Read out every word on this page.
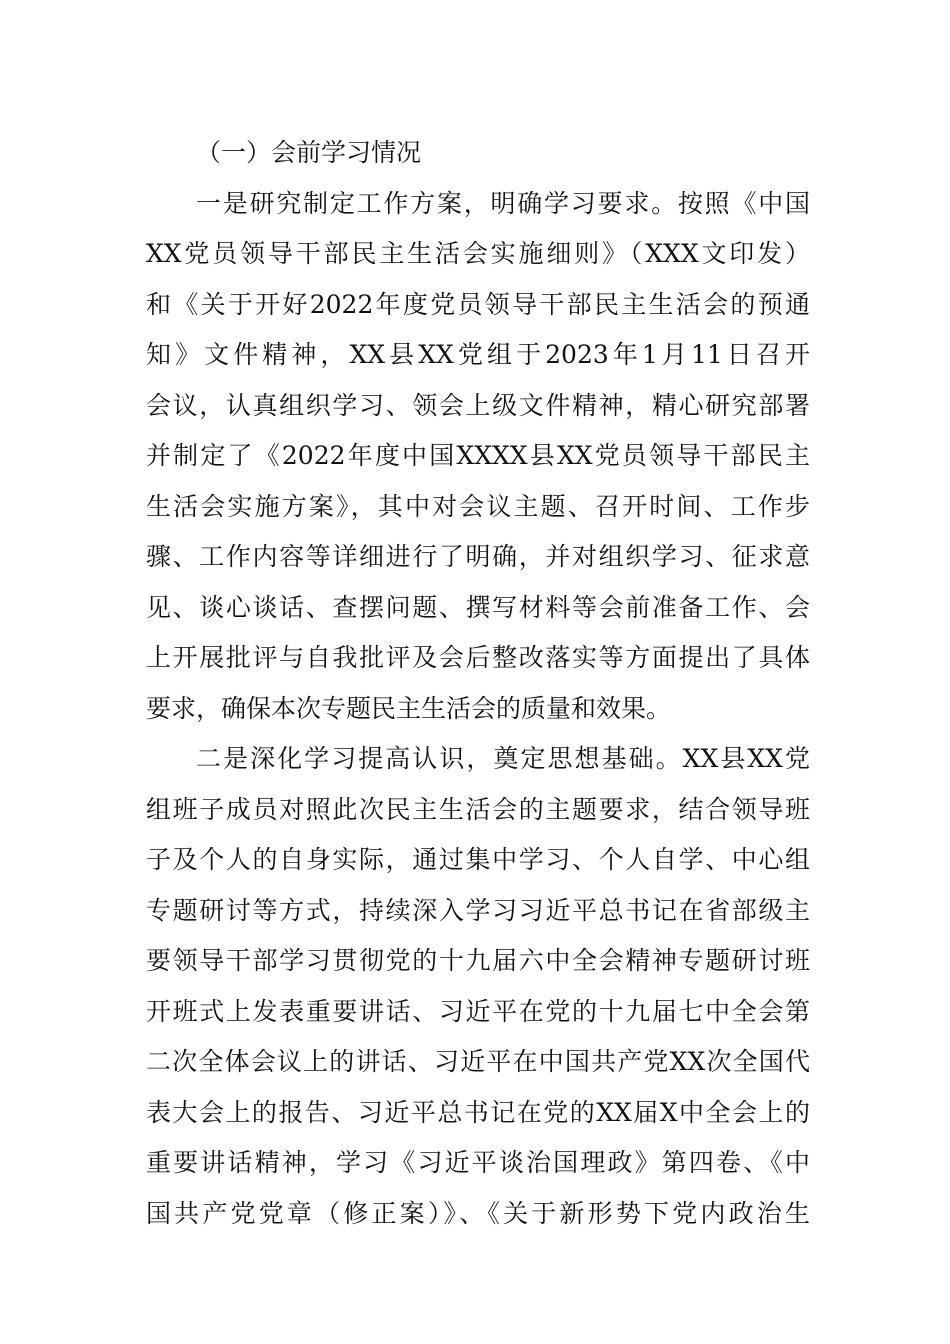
（一）会前学习情况
一是研究制定工作方案，明确学习要求。按照《中国
XX党员领导干部民主生活会实施细则》（XXX文印发）
和《关于开好2022年度党员领导干部民主生活会的预通
知》文件精神，XX县XX党组于2023年1月11日召开
会议，认真组织学习、领会上级文件精神，精心研究部署
并制定了《2022年度中国XXXX县XX党员领导干部民主
生活会实施方案》，其中对会议主题、召开时间、工作步
骤、工作内容等详细进行了明确，并对组织学习、征求意
见、谈心谈话、查摆问题、撰写材料等会前准备工作、会
上开展批评与自我批评及会后整改落实等方面提出了具体
要求，确保本次专题民主生活会的质量和效果。
二是深化学习提高认识，奠定思想基础。XX县XX党
组班子成员对照此次民主生活会的主题要求，结合领导班
子及个人的自身实际，通过集中学习、个人自学、中心组
专题研讨等方式，持续深入学习习近平总书记在省部级主
要领导干部学习贯彻党的十九届六中全会精神专题研讨班
开班式上发表重要讲话、习近平在党的十九届七中全会第
二次全体会议上的讲话、习近平在中国共产党XX次全国代
表大会上的报告、习近平总书记在党的XX届X中全会上的
重要讲话精神，学习《习近平谈治国理政》第四卷、《中
国共产党党章（修正案）》、《关于新形势下党内政治生
